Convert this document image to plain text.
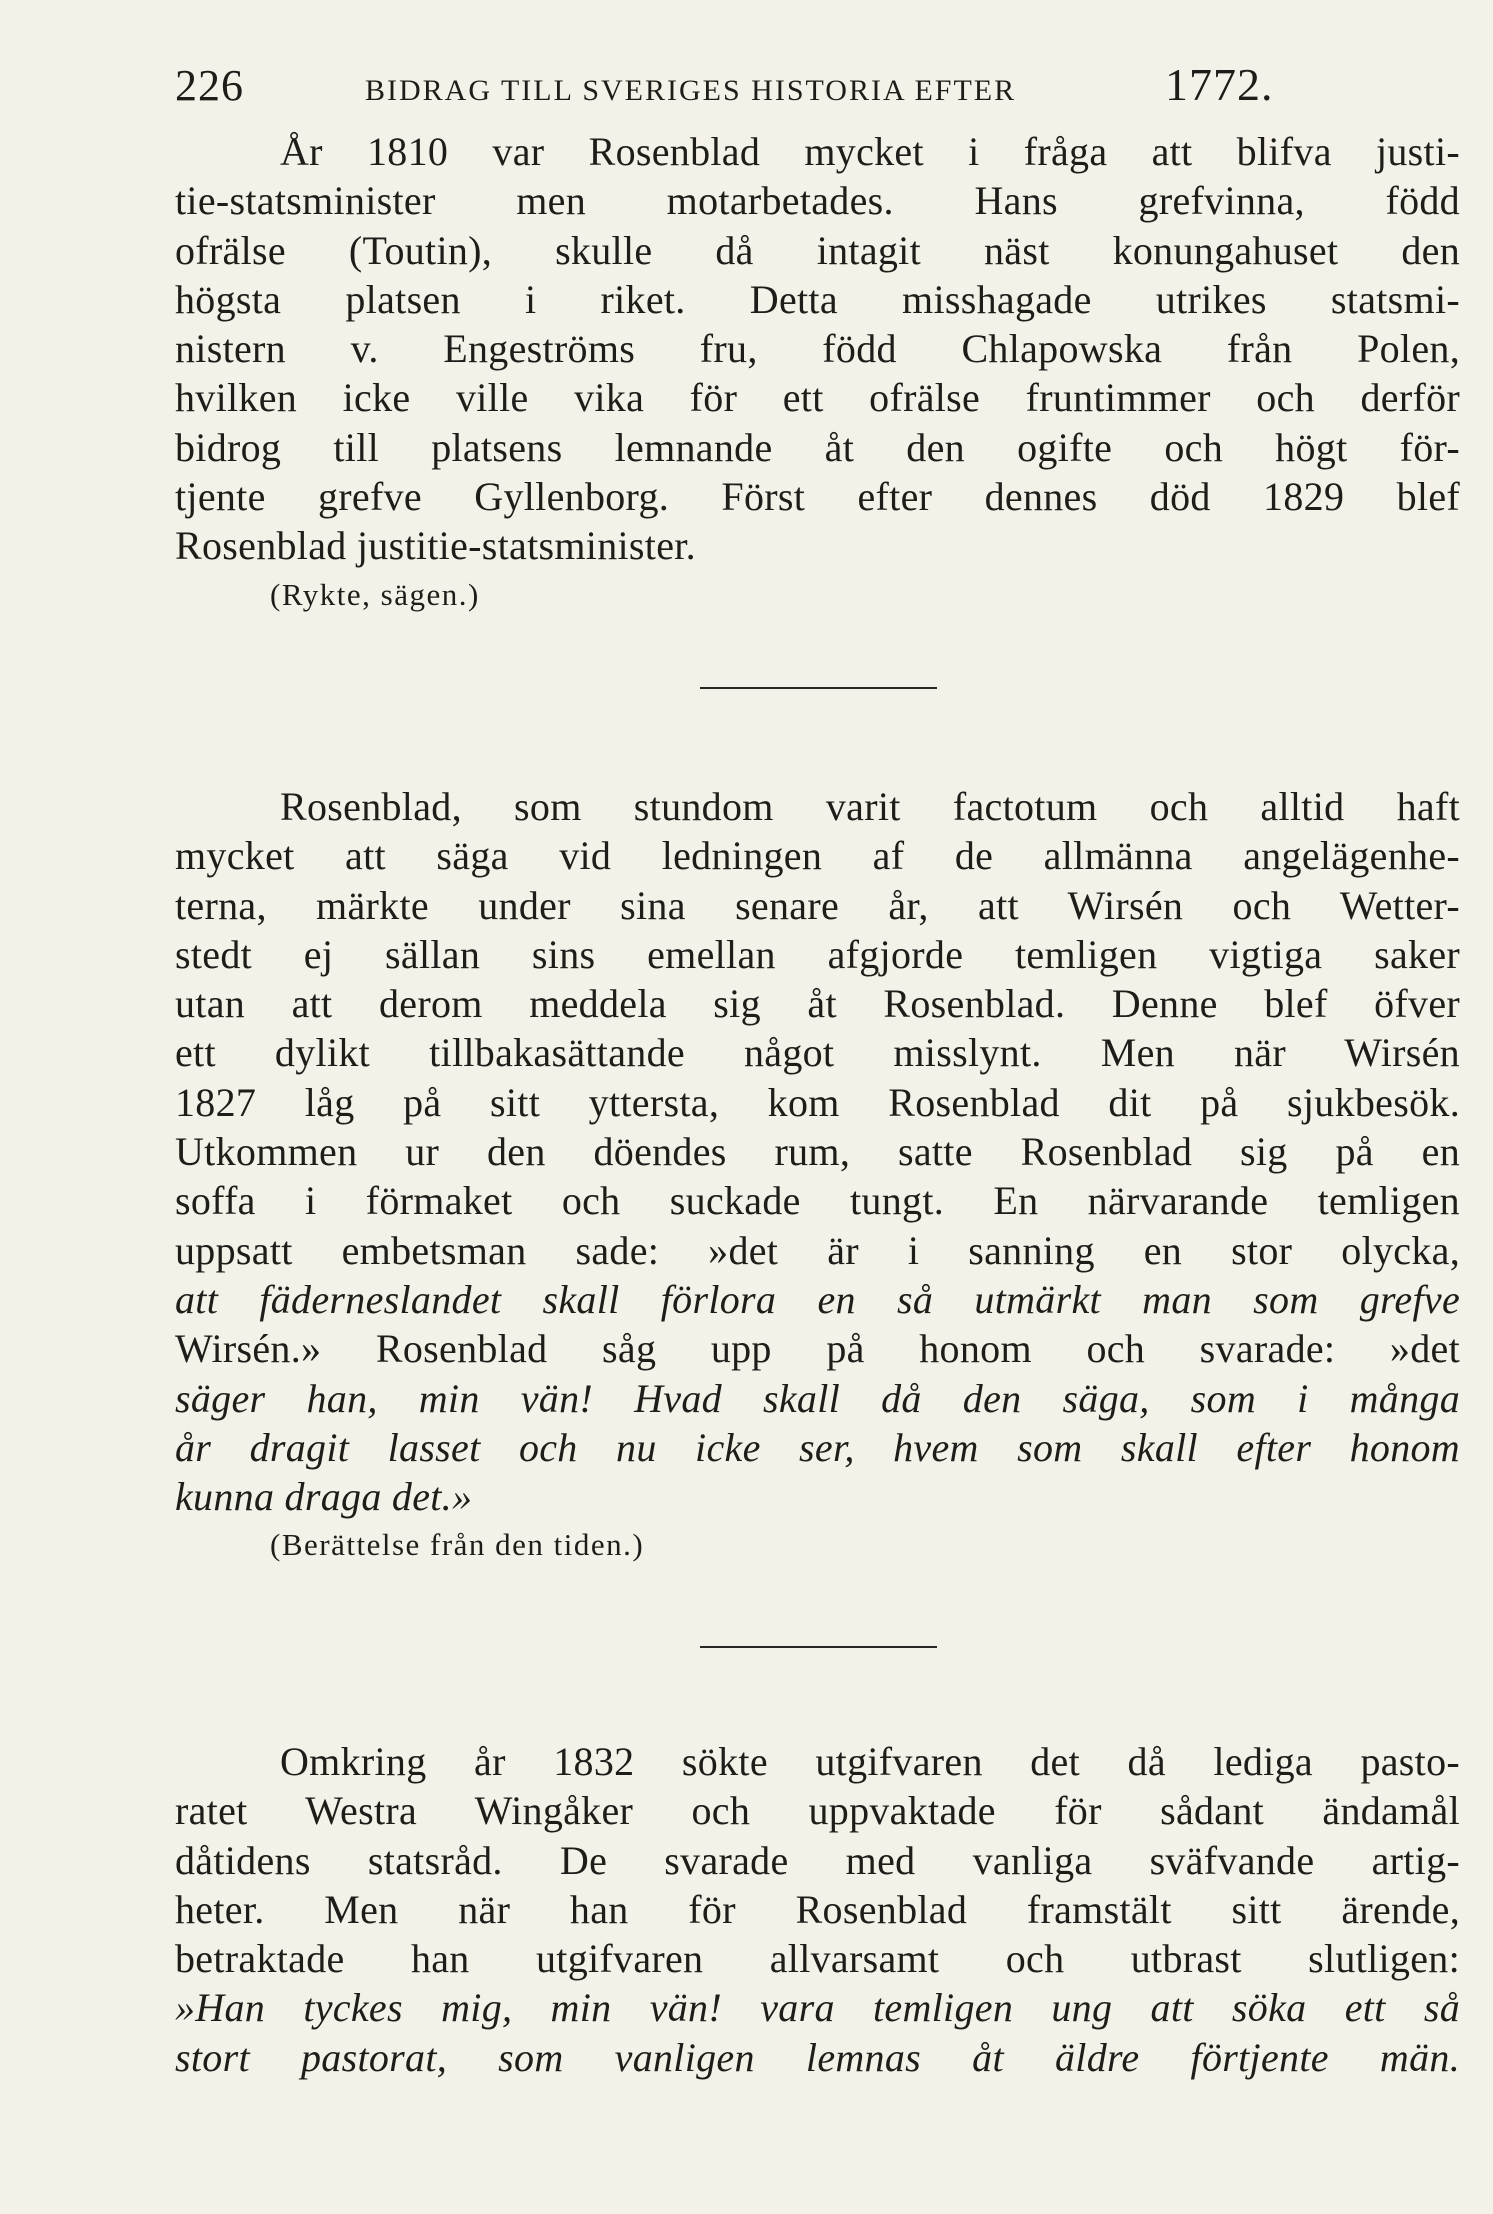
226	BIDRAG TILL SVERIGES HISTORIA EFTER	1772.
År 1810 var Rosenblad mycket i fråga att blifva justi-
tie-statsminister men motarbetades. Hans grefvinna, född
ofrälse (Toutin), skulle då intagit näst konungahuset den
högsta platsen i riket. Detta misshagade utrikes statsmi-
nistern v. Engeströms fru, född Chlapowska från Polen,
hvilken icke ville vika för ett ofrälse fruntimmer och derför
bidrog till platsens lemnande åt den ogifte och högt för-
tjente grefve Gyllenborg. Först efter dennes död 1829 blef
Rosenblad justitie-statsminister.
(Rykte, sägen.)
Rosenblad, som stundom varit factotum och alltid haft
mycket att säga vid ledningen af de allmänna angelägenhe-
terna, märkte under sina senare år, att Wirsén och Wetter-
stedt ej sällan sins emellan afgjorde temligen vigtiga saker
utan att derom meddela sig åt Rosenblad. Denne blef öfver
ett dylikt tillbakasättande något misslynt. Men när Wirsén
1827 låg på sitt yttersta, kom Rosenblad dit på sjukbesök.
Utkommen ur den döendes rum, satte Rosenblad sig på en
soffa i förmaket och suckade tungt. En närvarande temligen
uppsatt embetsman sade: »det är i sanning en stor olycka,
att fäderneslandet skall förlora en så utmärkt man som grefve
Wirsén.» Rosenblad såg upp på honom och svarade: »det
säger han, min vän! Hvad skall då den säga, som i många
år dragit lasset och nu icke ser, hvem som skall efter honom
kunna draga det.»
(Berättelse från den tiden.)
Omkring år 1832 sökte utgifvaren det då lediga pasto-
ratet Westra Wingåker och uppvaktade för sådant ändamål
dåtidens statsråd. De svarade med vanliga sväfvande artig-
heter. Men när han för Rosenblad framstält sitt ärende,
betraktade han utgifvaren allvarsamt och utbrast slutligen:
»Han tyckes mig, min vän! vara temligen ung att söka ett så
stort pastorat, som vanligen lemnas åt äldre förtjente män.
